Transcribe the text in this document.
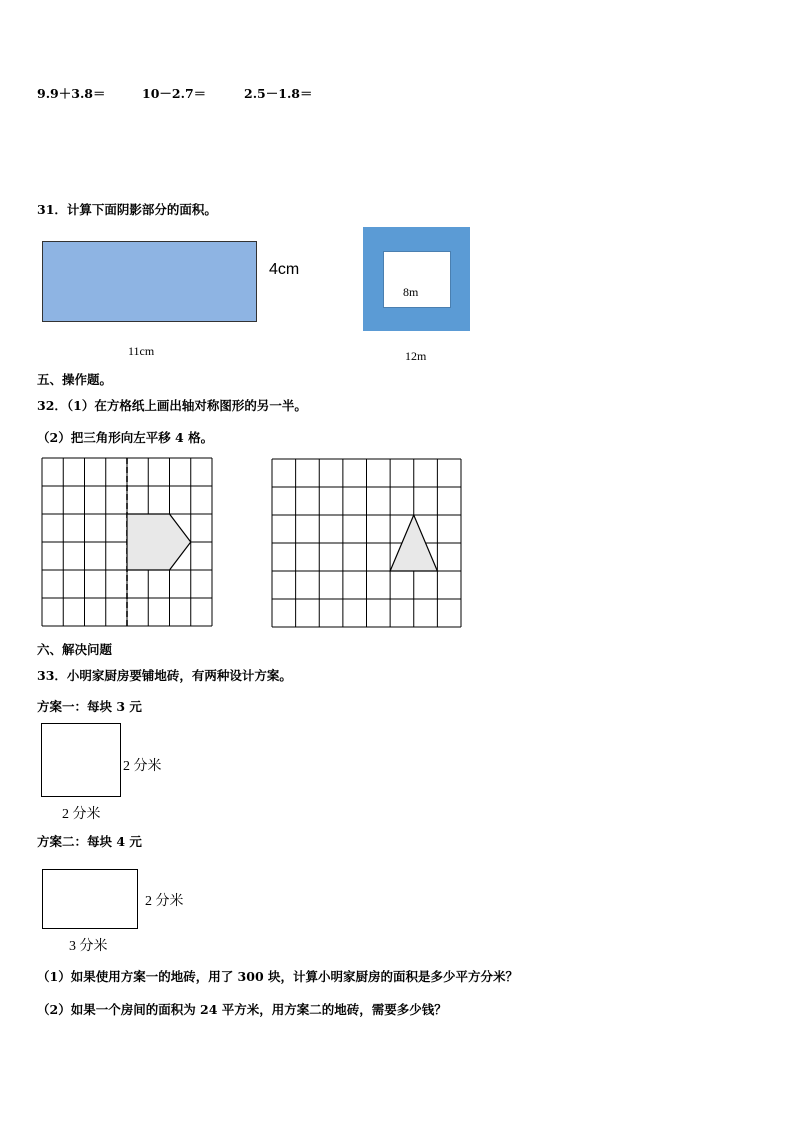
9.9＋3.8＝	10－2.7＝	2.5－1.8＝
31．计算下面阴影部分的面积。
4cm
11cm
8m
12m
五、操作题。
32．（1）在方格纸上画出轴对称图形的另一半。
（2）把三角形向左平移 4 格。
六、解决问题
33．小明家厨房要铺地砖，有两种设计方案。
方案一：每块 3 元
2 分米
2 分米
方案二：每块 4 元
2 分米
3 分米
（1）如果使用方案一的地砖，用了 300 块，计算小明家厨房的面积是多少平方分米？
（2）如果一个房间的面积为 24 平方米，用方案二的地砖，需要多少钱？
